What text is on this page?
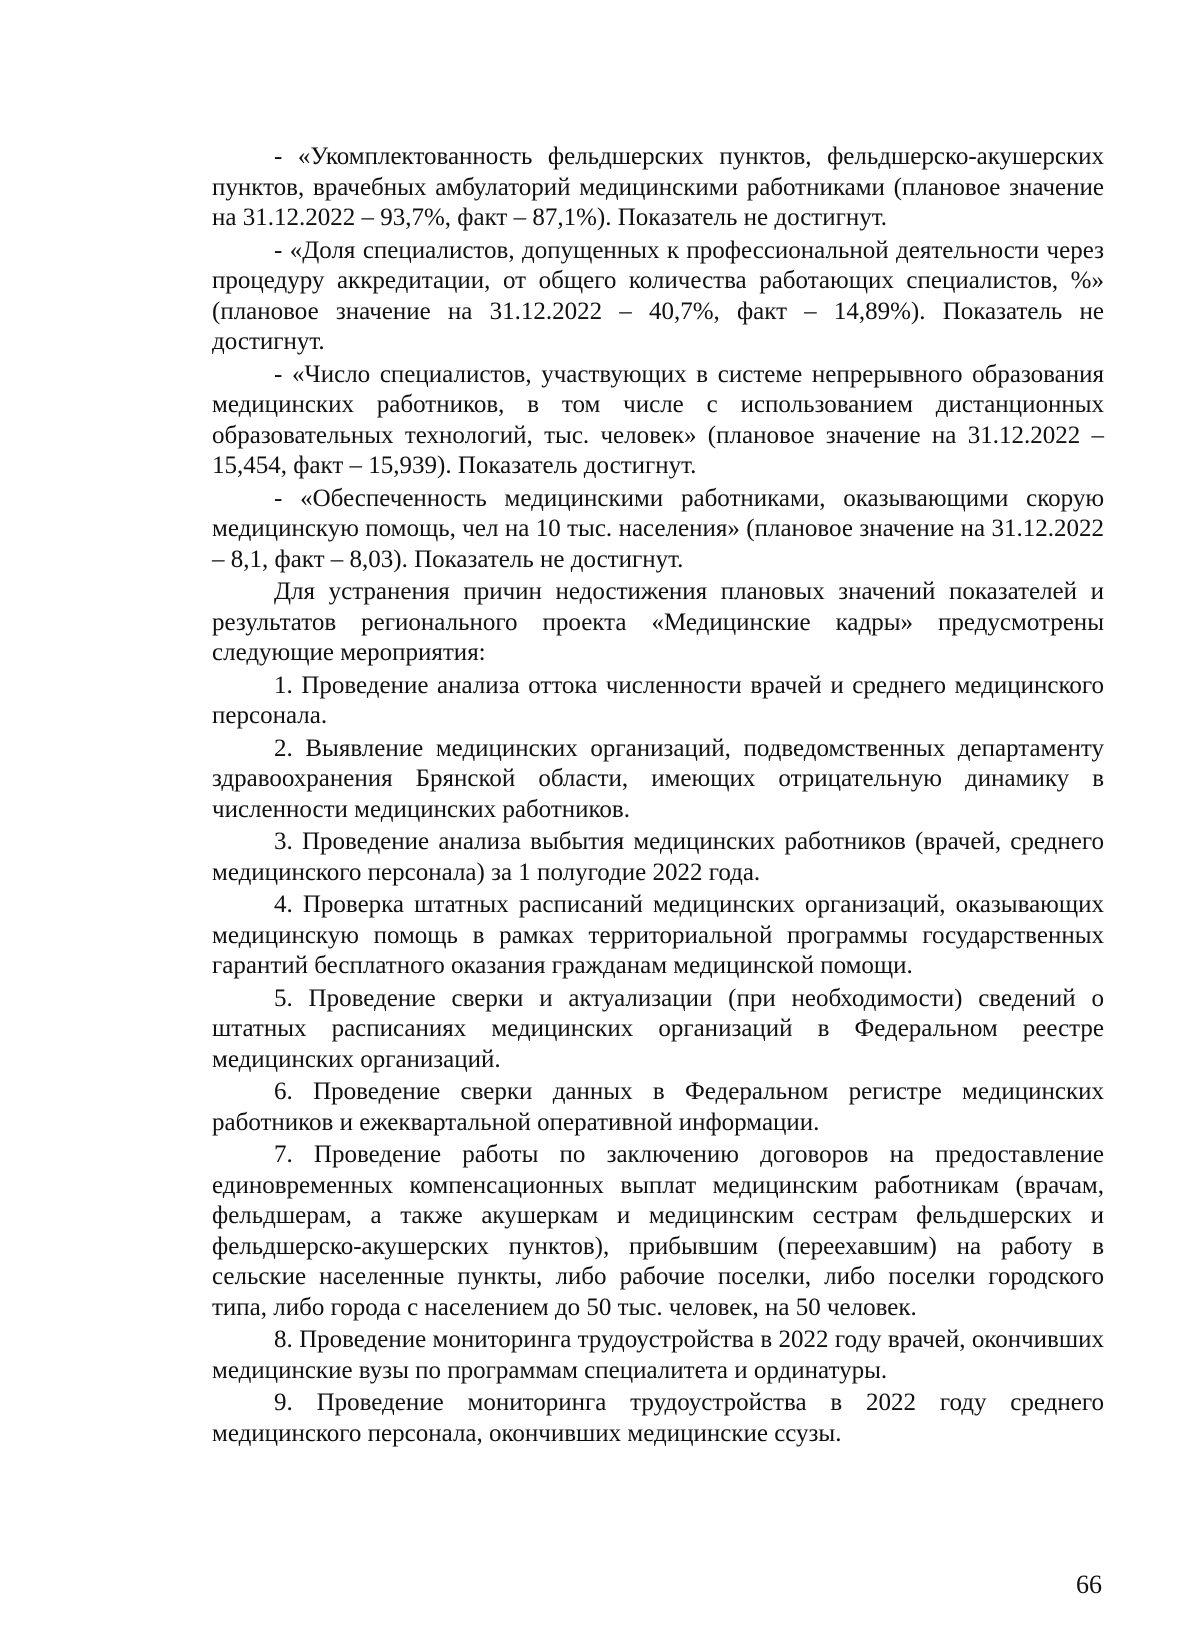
- «Укомплектованность фельдшерских пунктов, фельдшерско-акушерских пунктов, врачебных амбулаторий медицинскими работниками (плановое значение на 31.12.2022 – 93,7%, факт – 87,1%). Показатель не достигнут.

- «Доля специалистов, допущенных к профессиональной деятельности через процедуру аккредитации, от общего количества работающих специалистов, %» (плановое значение на 31.12.2022 – 40,7%, факт – 14,89%). Показатель не достигнут.

- «Число специалистов, участвующих в системе непрерывного образования медицинских работников, в том числе с использованием дистанционных образовательных технологий, тыс. человек» (плановое значение на 31.12.2022 – 15,454, факт – 15,939). Показатель достигнут.

- «Обеспеченность медицинскими работниками, оказывающими скорую медицинскую помощь, чел на 10 тыс. населения» (плановое значение на 31.12.2022 – 8,1, факт – 8,03). Показатель не достигнут.

Для устранения причин недостижения плановых значений показателей и результатов регионального проекта «Медицинские кадры» предусмотрены следующие мероприятия:

1. Проведение анализа оттока численности врачей и среднего медицинского персонала.

2. Выявление медицинских организаций, подведомственных департаменту здравоохранения Брянской области, имеющих отрицательную динамику в численности медицинских работников.

3. Проведение анализа выбытия медицинских работников (врачей, среднего медицинского персонала) за 1 полугодие 2022 года.

4. Проверка штатных расписаний медицинских организаций, оказывающих медицинскую помощь в рамках территориальной программы государственных гарантий бесплатного оказания гражданам медицинской помощи.

5. Проведение сверки и актуализации (при необходимости) сведений о штатных расписаниях медицинских организаций в Федеральном реестре медицинских организаций.

6. Проведение сверки данных в Федеральном регистре медицинских работников и ежеквартальной оперативной информации.

7. Проведение работы по заключению договоров на предоставление единовременных компенсационных выплат медицинским работникам (врачам, фельдшерам, а также акушеркам и медицинским сестрам фельдшерских и фельдшерско-акушерских пунктов), прибывшим (переехавшим) на работу в сельские населенные пункты, либо рабочие поселки, либо поселки городского типа, либо города с населением до 50 тыс. человек, на 50 человек.

8. Проведение мониторинга трудоустройства в 2022 году врачей, окончивших медицинские вузы по программам специалитета и ординатуры.

9. Проведение мониторинга трудоустройства в 2022 году среднего медицинского персонала, окончивших медицинские ссузы.

66
